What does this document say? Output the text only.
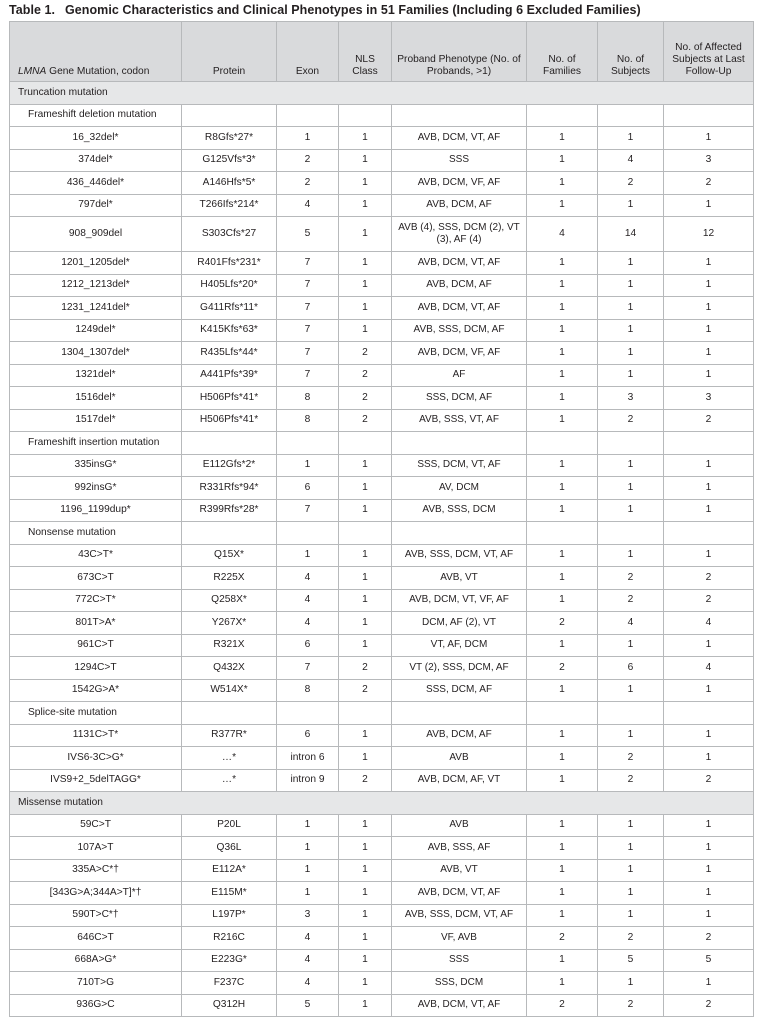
Table 1. Genomic Characteristics and Clinical Phenotypes in 51 Families (Including 6 Excluded Families)
LMNA Gene Mutation, codon	Protein	Exon	NLS Class	Proband Phenotype (No. of Probands, >1)	No. of Families	No. of Subjects	No. of Affected Subjects at Last Follow-Up
Truncation mutation							
Frameshift deletion mutation							
16_32del*	R8Gfs*27*	1	1	AVB, DCM, VT, AF	1	1	1
374del*	G125Vfs*3*	2	1	SSS	1	4	3
436_446del*	A146Hfs*5*	2	1	AVB, DCM, VF, AF	1	2	2
797del*	T266Ifs*214*	4	1	AVB, DCM, AF	1	1	1
908_909del	S303Cfs*27	5	1	AVB (4), SSS, DCM (2), VT (3), AF (4)	4	14	12
1201_1205del*	R401Ffs*231*	7	1	AVB, DCM, VT, AF	1	1	1
1212_1213del*	H405Lfs*20*	7	1	AVB, DCM, AF	1	1	1
1231_1241del*	G411Rfs*11*	7	1	AVB, DCM, VT, AF	1	1	1
1249del*	K415Kfs*63*	7	1	AVB, SSS, DCM, AF	1	1	1
1304_1307del*	R435Lfs*44*	7	2	AVB, DCM, VF, AF	1	1	1
1321del*	A441Pfs*39*	7	2	AF	1	1	1
1516del*	H506Pfs*41*	8	2	SSS, DCM, AF	1	3	3
1517del*	H506Pfs*41*	8	2	AVB, SSS, VT, AF	1	2	2
Frameshift insertion mutation							
335insG*	E112Gfs*2*	1	1	SSS, DCM, VT, AF	1	1	1
992insG*	R331Rfs*94*	6	1	AV, DCM	1	1	1
1196_1199dup*	R399Rfs*28*	7	1	AVB, SSS, DCM	1	1	1
Nonsense mutation							
43C>T*	Q15X*	1	1	AVB, SSS, DCM, VT, AF	1	1	1
673C>T	R225X	4	1	AVB, VT	1	2	2
772C>T*	Q258X*	4	1	AVB, DCM, VT, VF, AF	1	2	2
801T>A*	Y267X*	4	1	DCM, AF (2), VT	2	4	4
961C>T	R321X	6	1	VT, AF, DCM	1	1	1
1294C>T	Q432X	7	2	VT (2), SSS, DCM, AF	2	6	4
1542G>A*	W514X*	8	2	SSS, DCM, AF	1	1	1
Splice-site mutation							
1131C>T*	R377R*	6	1	AVB, DCM, AF	1	1	1
IVS6-3C>G*	…*	intron 6	1	AVB	1	2	1
IVS9+2_5delTAGG*	…*	intron 9	2	AVB, DCM, AF, VT	1	2	2
Missense mutation							
59C>T	P20L	1	1	AVB	1	1	1
107A>T	Q36L	1	1	AVB, SSS, AF	1	1	1
335A>C*†	E112A*	1	1	AVB, VT	1	1	1
[343G>A;344A>T]*†	E115M*	1	1	AVB, DCM, VT, AF	1	1	1
590T>C*†	L197P*	3	1	AVB, SSS, DCM, VT, AF	1	1	1
646C>T	R216C	4	1	VF, AVB	2	2	2
668A>G*	E223G*	4	1	SSS	1	5	5
710T>G	F237C	4	1	SSS, DCM	1	1	1
936G>C	Q312H	5	1	AVB, DCM, VT, AF	2	2	2
